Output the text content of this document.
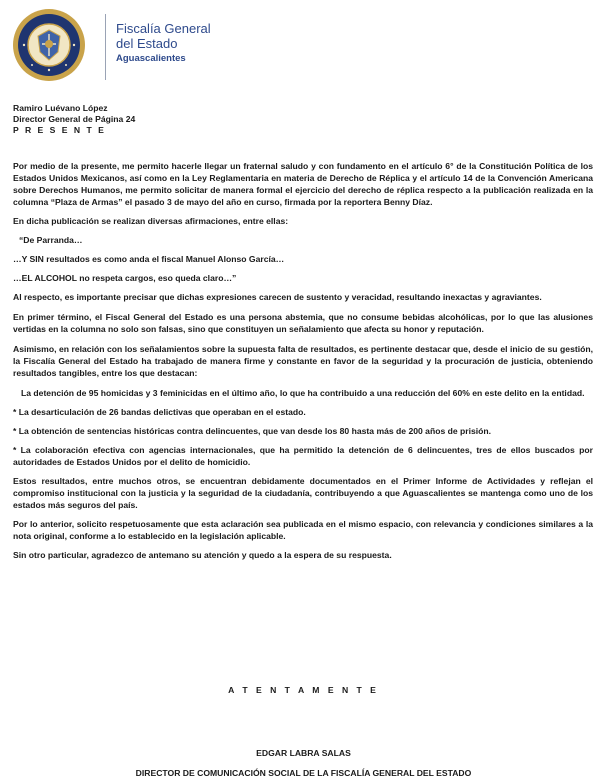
Fiscalía General
del Estado
Aguascalientes
Ramiro Luévano López
Director General de Página 24
P R E S E N T E

Por medio de la presente, me permito hacerle llegar un fraternal saludo y con fundamento en el artículo 6° de la Constitución Política de los Estados Unidos Mexicanos, así como en la Ley Reglamentaria en materia de Derecho de Réplica y el artículo 14 de la Convención Americana sobre Derechos Humanos, me permito solicitar de manera formal el ejercicio del derecho de réplica respecto a la publicación realizada en la columna “Plaza de Armas” el pasado 3 de mayo del año en curso, firmada por la reportera Benny Díaz.

En dicha publicación se realizan diversas afirmaciones, entre ellas:

“De Parranda…

…Y SIN resultados es como anda el fiscal Manuel Alonso García…

…EL ALCOHOL no respeta cargos, eso queda claro…”

Al respecto, es importante precisar que dichas expresiones carecen de sustento y veracidad, resultando inexactas y agraviantes.

En primer término, el Fiscal General del Estado es una persona abstemia, que no consume bebidas alcohólicas, por lo que las alusiones vertidas en la columna no solo son falsas, sino que constituyen un señalamiento que afecta su honor y reputación.

Asimismo, en relación con los señalamientos sobre la supuesta falta de resultados, es pertinente destacar que, desde el inicio de su gestión, la Fiscalía General del Estado ha trabajado de manera firme y constante en favor de la seguridad y la procuración de justicia, obteniendo resultados tangibles, entre los que destacan:

La detención de 95 homicidas y 3 feminicidas en el último año, lo que ha contribuido a una reducción del 60% en este delito en la entidad.

* La desarticulación de 26 bandas delictivas que operaban en el estado.

* La obtención de sentencias históricas contra delincuentes, que van desde los 80 hasta más de 200 años de prisión.

* La colaboración efectiva con agencias internacionales, que ha permitido la detención de 6 delincuentes, tres de ellos buscados por autoridades de Estados Unidos por el delito de homicidio.

Estos resultados, entre muchos otros, se encuentran debidamente documentados en el Primer Informe de Actividades y reflejan el compromiso institucional con la justicia y la seguridad de la ciudadanía, contribuyendo a que Aguascalientes se mantenga como uno de los estados más seguros del país.

Por lo anterior, solicito respetuosamente que esta aclaración sea publicada en el mismo espacio, con relevancia y condiciones similares a la nota original, conforme a lo establecido en la legislación aplicable.

Sin otro particular, agradezco de antemano su atención y quedo a la espera de su respuesta.

A T E N T A M E N T E
EDGAR LABRA SALAS
DIRECTOR DE COMUNICACIÓN SOCIAL DE LA FISCALÍA GENERAL DEL ESTADO
